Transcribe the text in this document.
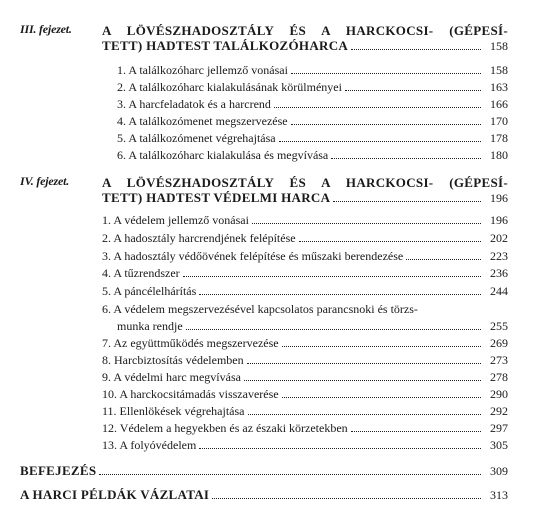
III. fejezet. A LÖVÉSZHADOSZTÁLY ÉS A HARCKOCSI- (GÉPESÍ-
TETT) HADTEST TALÁLKOZÓHARCA	158
1. A találkozóharc jellemző vonásai	158
2. A találkozóharc kialakulásának körülményei	163
3. A harcfeladatok és a harcrend	166
4. A találkozómenet megszervezése	170
5. A találkozómenet végrehajtása	178
6. A találkozóharc kialakulása és megvívása	180
IV. fejezet.	A LÖVÉSZHADOSZTÁLY ÉS A HARCKOCSI- (GÉPESÍ-
TETT) HADTEST VÉDELMI HARCA	196
1. A védelem jellemző vonásai	196
2. A hadosztály harcrendjének felépítése	202
3. A hadosztály védőövének felépítése és műszaki berendezése	223
4. A tűzrendszer	236
5. A páncélelhárítás	244
6. A védelem megszervezésével kapcsolatos parancsnoki és törzs-
munka rendje	255
7. Az együttműködés megszervezése	269
8. Harcbiztosítás védelemben	273
9. A védelmi harc megvívása	278
10. A harckocsitámadás visszaverése	290
11. Ellenlökések végrehajtása	292
12. Védelem a hegyekben és az északi körzetekben	297
13. A folyóvédelem	305
BEFEJEZÉS	309
A HARCI PÉLDÁK VÁZLATAI	313
